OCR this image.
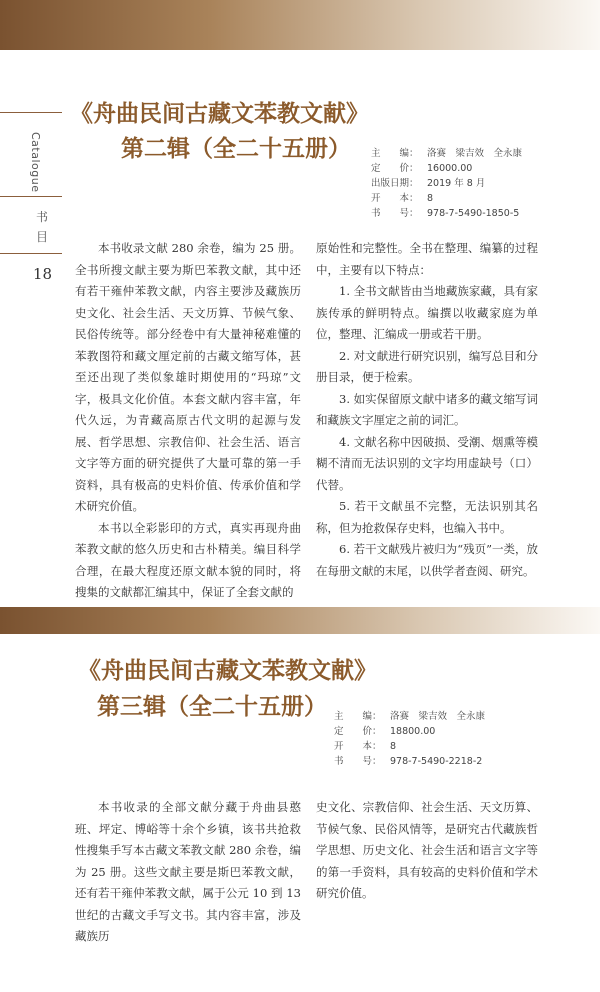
Catalogue
书
目
18
《舟曲民间古藏文苯教文献》
第二辑（全二十五册） 主　　编： 洛赛　梁吉效　全永康
定　　价： 16000.00
出版日期： 2019 年 8 月
开　　本： 8
书　　号： 978-7-5490-1850-5

本书收录文献 280 余卷，编为 25 册。全书所搜文献主要为斯巴苯教文献，其中还有若干雍仲苯教文献，内容主要涉及藏族历史文化、社会生活、天文历算、节候气象、民俗传统等。部分经卷中有大量神秘难懂的苯教图符和藏文厘定前的古藏文缩写体，甚至还出现了类似象雄时期使用的“玛琼”文字，极具文化价值。本套文献内容丰富，年代久远，为青藏高原古代文明的起源与发展、哲学思想、宗教信仰、社会生活、语言文字等方面的研究提供了大量可靠的第一手资料，具有极高的史料价值、传承价值和学术研究价值。

本书以全彩影印的方式，真实再现舟曲苯教文献的悠久历史和古朴精美。编目科学合理，在最大程度还原文献本貌的同时，将搜集的文献都汇编其中，保证了全套文献的

原始性和完整性。全书在整理、编纂的过程中，主要有以下特点：

1. 全书文献皆由当地藏族家藏，具有家族传承的鲜明特点。编撰以收藏家庭为单位，整理、汇编成一册或若干册。

2. 对文献进行研究识别，编写总目和分册目录，便于检索。

3. 如实保留原文献中诸多的藏文缩写词和藏族文字厘定之前的词汇。

4. 文献名称中因破损、受潮、烟熏等模糊不清而无法识别的文字均用虚缺号（口）代替。

5. 若干文献虽不完整，无法识别其名称，但为抢救保存史料，也编入书中。

6. 若干文献残片被归为“残页”一类，放在每册文献的末尾，以供学者查阅、研究。

《舟曲民间古藏文苯教文献》
第三辑（全二十五册） 主　　编： 洛赛　梁吉效　全永康
定　　价： 18800.00
开　　本： 8
书　　号： 978-7-5490-2218-2

本书收录的全部文献分藏于舟曲县憨班、坪定、博峪等十余个乡镇，该书共抢救性搜集手写本古藏文苯教文献 280 余卷，编为 25 册。这些文献主要是斯巴苯教文献，还有若干雍仲苯教文献，属于公元 10 到 13 世纪的古藏文手写文书。其内容丰富，涉及藏族历

史文化、宗教信仰、社会生活、天文历算、节候气象、民俗风情等，是研究古代藏族哲学思想、历史文化、社会生活和语言文字等的第一手资料，具有较高的史料价值和学术研究价值。
